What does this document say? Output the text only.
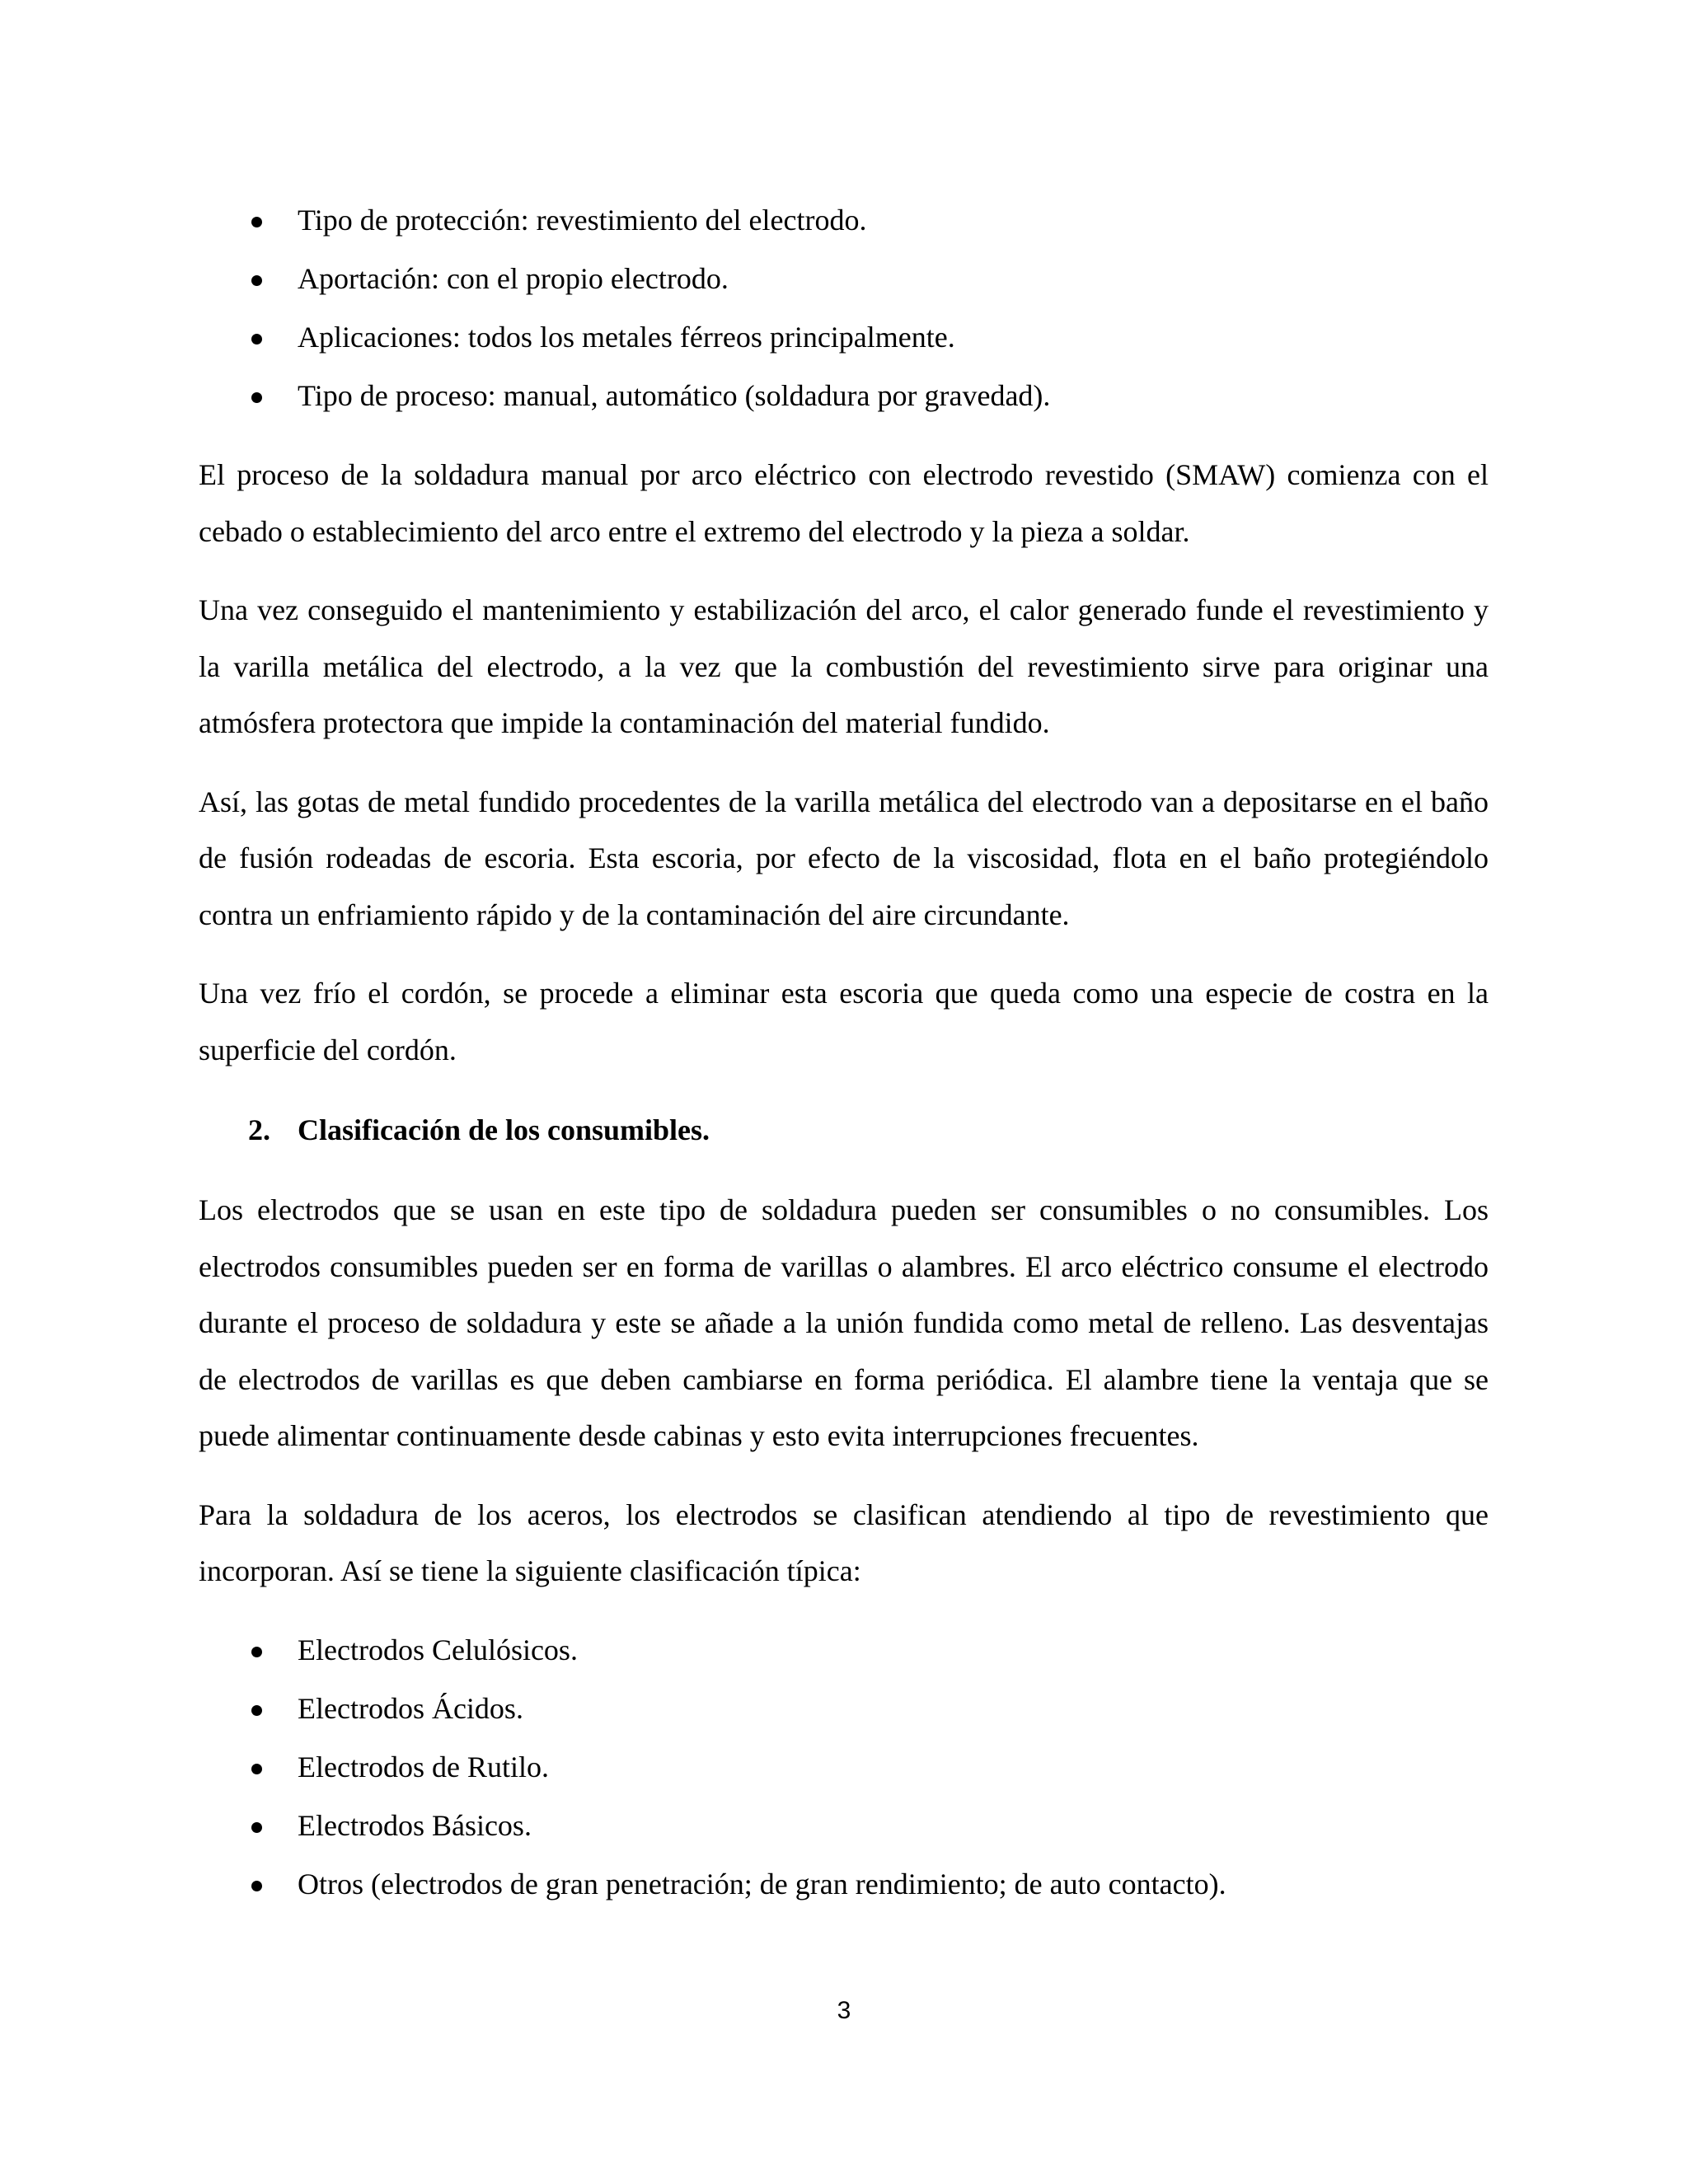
Tipo de protección: revestimiento del electrodo.
Aportación: con el propio electrodo.
Aplicaciones: todos los metales férreos principalmente.
Tipo de proceso: manual, automático (soldadura por gravedad).

El proceso de la soldadura manual por arco eléctrico con electrodo revestido (SMAW) comienza con el cebado o establecimiento del arco entre el extremo del electrodo y la pieza a soldar.

Una vez conseguido el mantenimiento y estabilización del arco, el calor generado funde el revestimiento y la varilla metálica del electrodo, a la vez que la combustión del revestimiento sirve para originar una atmósfera protectora que impide la contaminación del material fundido.

Así, las gotas de metal fundido procedentes de la varilla metálica del electrodo van a depositarse en el baño de fusión rodeadas de escoria. Esta escoria, por efecto de la viscosidad, flota en el baño protegiéndolo contra un enfriamiento rápido y de la contaminación del aire circundante.

Una vez frío el cordón, se procede a eliminar esta escoria que queda como una especie de costra en la superficie del cordón.

2. Clasificación de los consumibles.

Los electrodos que se usan en este tipo de soldadura pueden ser consumibles o no consumibles. Los electrodos consumibles pueden ser en forma de varillas o alambres. El arco eléctrico consume el electrodo durante el proceso de soldadura y este se añade a la unión fundida como metal de relleno. Las desventajas de electrodos de varillas es que deben cambiarse en forma periódica. El alambre tiene la ventaja que se puede alimentar continuamente desde cabinas y esto evita interrupciones frecuentes.

Para la soldadura de los aceros, los electrodos se clasifican atendiendo al tipo de revestimiento que incorporan. Así se tiene la siguiente clasificación típica:

Electrodos Celulósicos.
Electrodos Ácidos.
Electrodos de Rutilo.
Electrodos Básicos.
Otros (electrodos de gran penetración; de gran rendimiento; de auto contacto).
3
